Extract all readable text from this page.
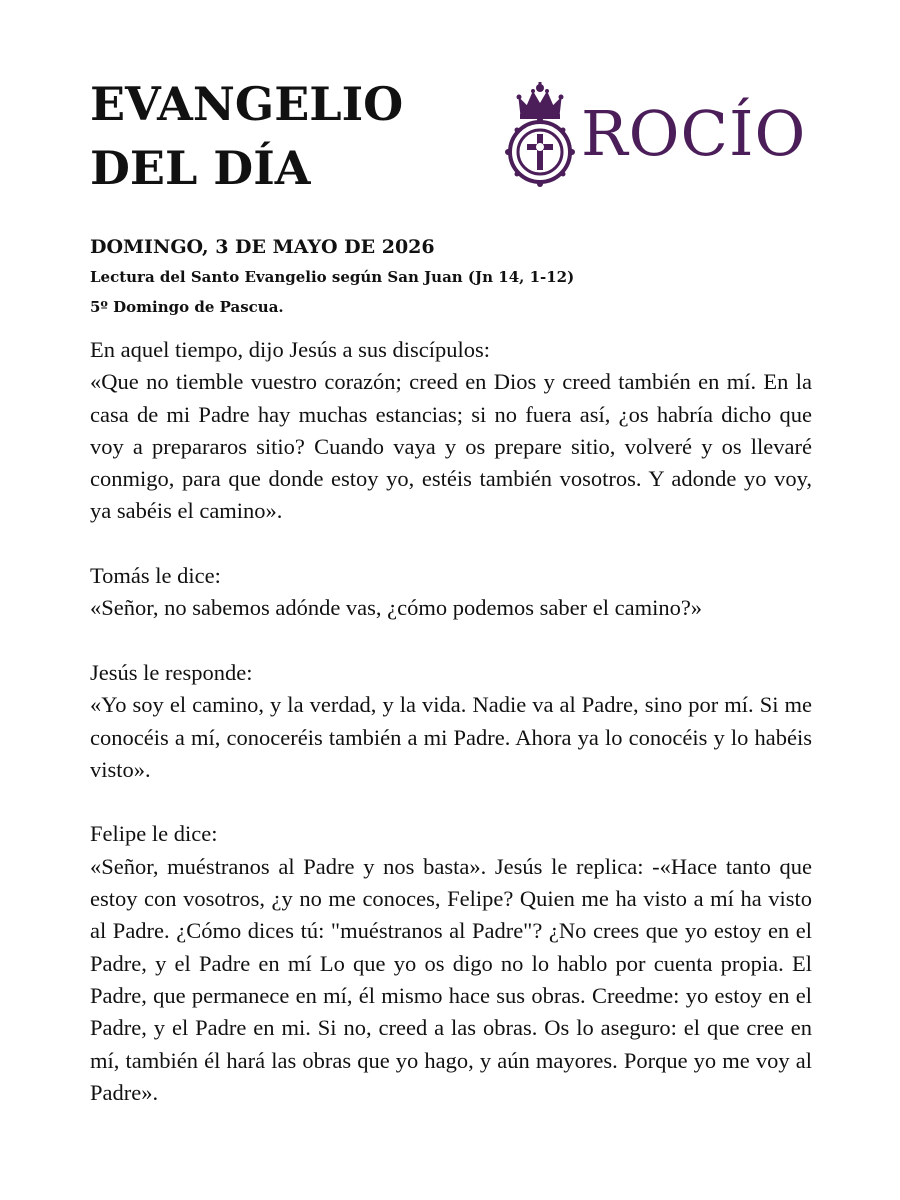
EVANGELIO
DEL DÍA	ROCÍO
DOMINGO, 3 DE MAYO DE 2026
Lectura del Santo Evangelio según San Juan (Jn 14, 1-12)
5º Domingo de Pascua.

En aquel tiempo, dijo Jesús a sus discípulos:
«Que no tiemble vuestro corazón; creed en Dios y creed también en mí. En la casa de mi Padre hay muchas estancias; si no fuera así, ¿os habría dicho que voy a prepararos sitio? Cuando vaya y os prepare sitio, volveré y os llevaré conmigo, para que donde estoy yo, estéis también vosotros. Y adonde yo voy, ya sabéis el camino».

Tomás le dice:
«Señor, no sabemos adónde vas, ¿cómo podemos saber el camino?»

Jesús le responde:
«Yo soy el camino, y la verdad, y la vida. Nadie va al Padre, sino por mí. Si me conocéis a mí, conoceréis también a mi Padre. Ahora ya lo conocéis y lo habéis visto».

Felipe le dice:
«Señor, muéstranos al Padre y nos basta». Jesús le replica: -«Hace tanto que estoy con vosotros, ¿y no me conoces, Felipe? Quien me ha visto a mí ha visto al Padre. ¿Cómo dices tú: "muéstranos al Padre"? ¿No crees que yo estoy en el Padre, y el Padre en mí Lo que yo os digo no lo hablo por cuenta propia. El Padre, que permanece en mí, él mismo hace sus obras. Creedme: yo estoy en el Padre, y el Padre en mi. Si no, creed a las obras. Os lo aseguro: el que cree en mí, también él hará las obras que yo hago, y aún mayores. Porque yo me voy al Padre».
